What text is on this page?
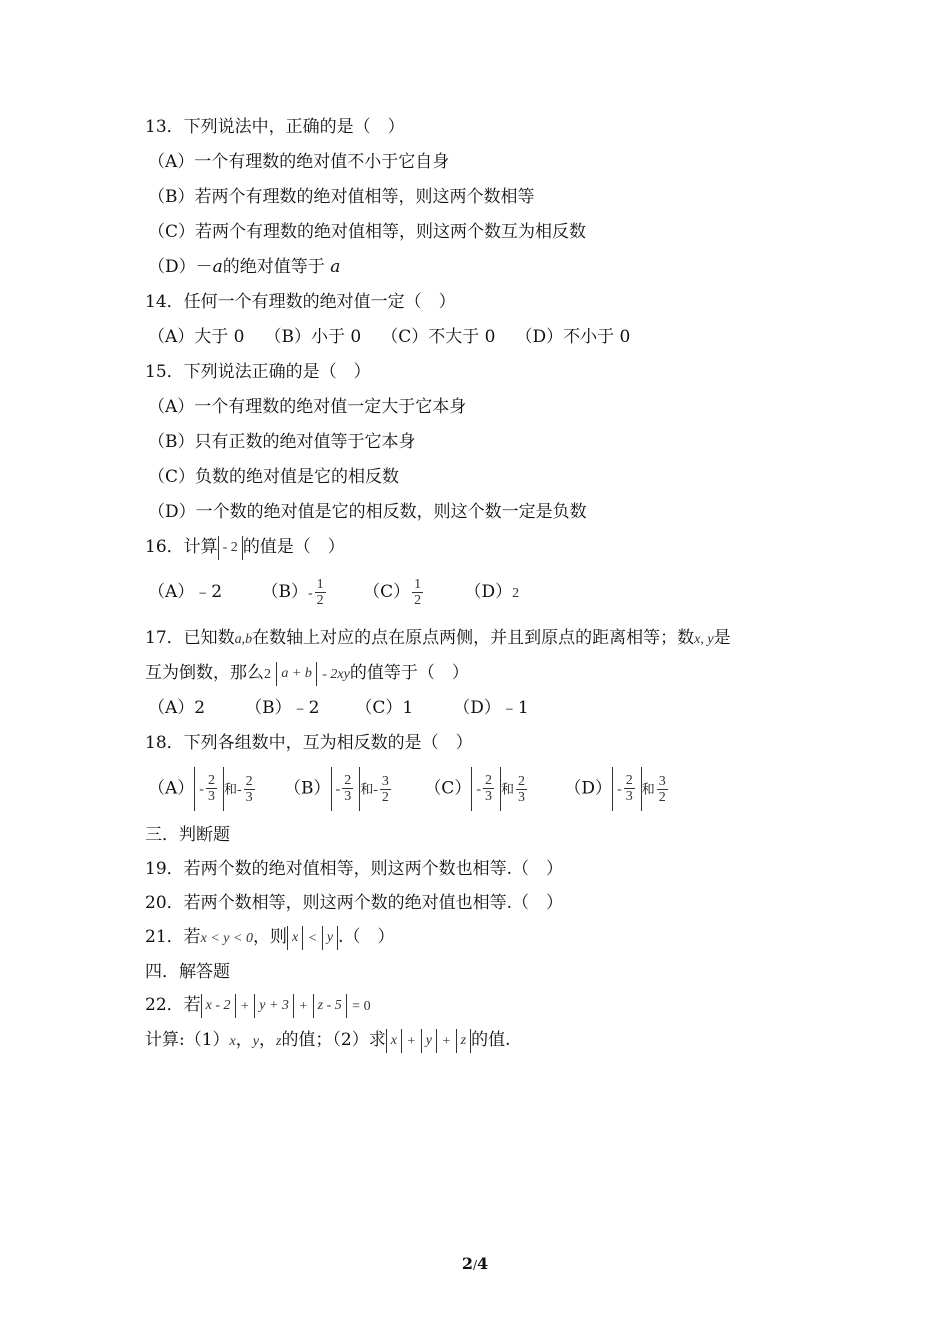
13．下列说法中，正确的是（　）
（A）一个有理数的绝对值不小于它自身
（B）若两个有理数的绝对值相等，则这两个数相等
（C）若两个有理数的绝对值相等，则这两个数互为相反数
（D）－a的绝对值等于 a
14．任何一个有理数的绝对值一定（　）
（A）大于 0 （B）小于 0 （C）不大于 0 （D）不小于 0
15．下列说法正确的是（　）
（A）一个有理数的绝对值一定大于它本身
（B）只有正数的绝对值等于它本身
（C）负数的绝对值是它的相反数
（D）一个数的绝对值是它的相反数，则这个数一定是负数
16．计算 - 2 的值是（　）
（A）﹣2 $(B)- \frac{1}{2} (C) \frac{1}{2} (D)2$
17．已知数a,b在数轴上对应的点在原点两侧，并且到原点的距离相等；数x, y是
互为倒数，那么2 a + b - 2xy的值等于（　）
（A）2 （B）﹣2 （C）1 （D）﹣1
18．下列各组数中，互为相反数的是（　）
$(A) - \frac{2}{3}$ 和- $\frac{2}{3} (B) - \frac{2}{3}$ 和- $\frac{3}{2} (C) - \frac{2}{3}$ 和 $\frac{2}{3} (D) - \frac{2}{3}$ 和 $\frac{3}{2}$
三．判断题
19．若两个数的绝对值相等，则这两个数也相等.（　）
20．若两个数相等，则这两个数的绝对值也相等.（　）
21．若x < y < 0，则 x < y .（　）
四．解答题
22．若 x - 2 + y + 3 + z - 5 = 0
计算:（1）x，y，z的值；（2）求 x + y + z 的值.
2/4
